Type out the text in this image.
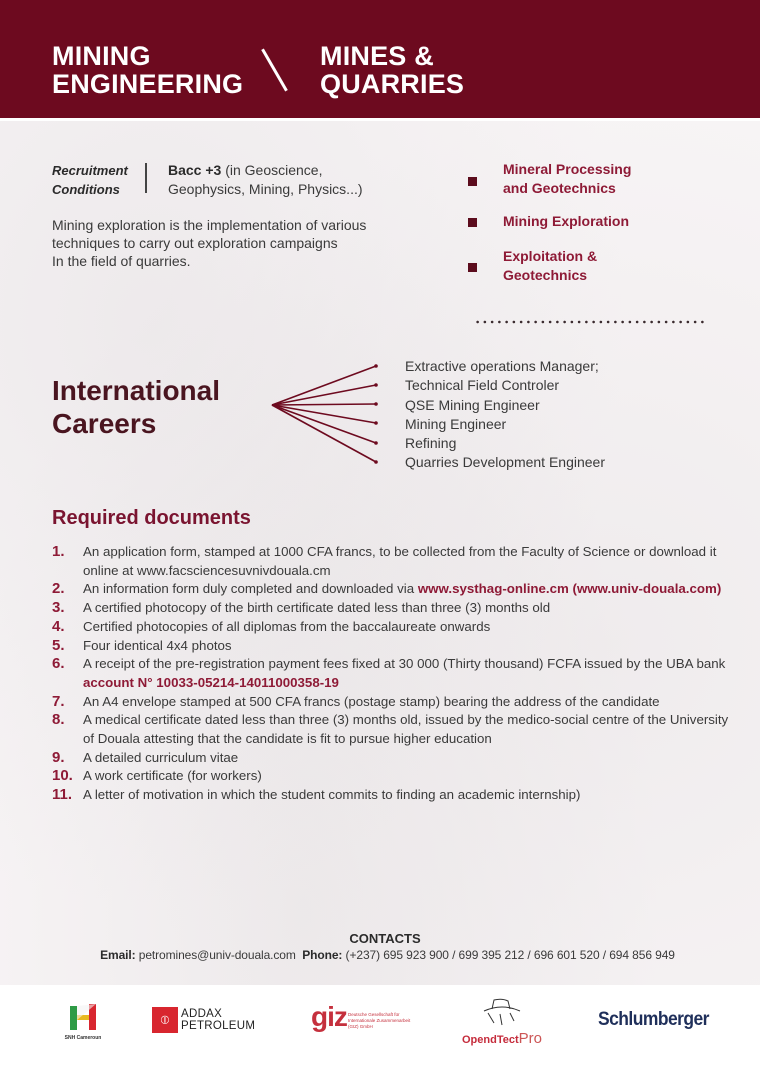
MINING
ENGINEERING
MINES &
QUARRIES
Recruitment
Conditions
Bacc +3 (in Geoscience,
Geophysics, Mining, Physics...)
Mining exploration is the implementation of various
techniques to carry out exploration campaigns
In the field of quarries.
Mineral Processing
and Geotechnics
Mining Exploration
Exploitation &
Geotechnics
International
Careers
Extractive operations Manager;
Technical Field Controler
QSE Mining Engineer
Mining Engineer
Refining
Quarries Development Engineer
Required documents
1. An application form, stamped at 1000 CFA francs, to be collected from the Faculty of Science or download it online at www.facsciencesuvnivdouala.cm
2. An information form duly completed and downloaded via www.systhag-online.cm (www.univ-douala.com)
3. A certified photocopy of the birth certificate dated less than three (3) months old
4. Certified photocopies of all diplomas from the baccalaureate onwards
5. Four identical 4x4 photos
6. A receipt of the pre-registration payment fees fixed at 30 000 (Thirty thousand) FCFA issued by the UBA bank account N° 10033-05214-14011000358-19
7. An A4 envelope stamped at 500 CFA francs (postage stamp) bearing the address of the candidate
8. A medical certificate dated less than three (3) months old, issued by the medico-social centre of the University of Douala attesting that the candidate is fit to pursue higher education
9. A detailed curriculum vitae
10. A work certificate (for workers)
11. A letter of motivation in which the student commits to finding an academic internship)
CONTACTS
Email: petromines@univ-douala.com Phone: (+237) 695 923 900 / 699 395 212 / 696 601 520 / 694 856 949
SNH Cameroun
⦶	ADDAX
PETROLEUM giz Deutsche Gesellschaft für Internationale Zusammenarbeit (GIZ) GmbH
OpendTectPro
Schlumberger
